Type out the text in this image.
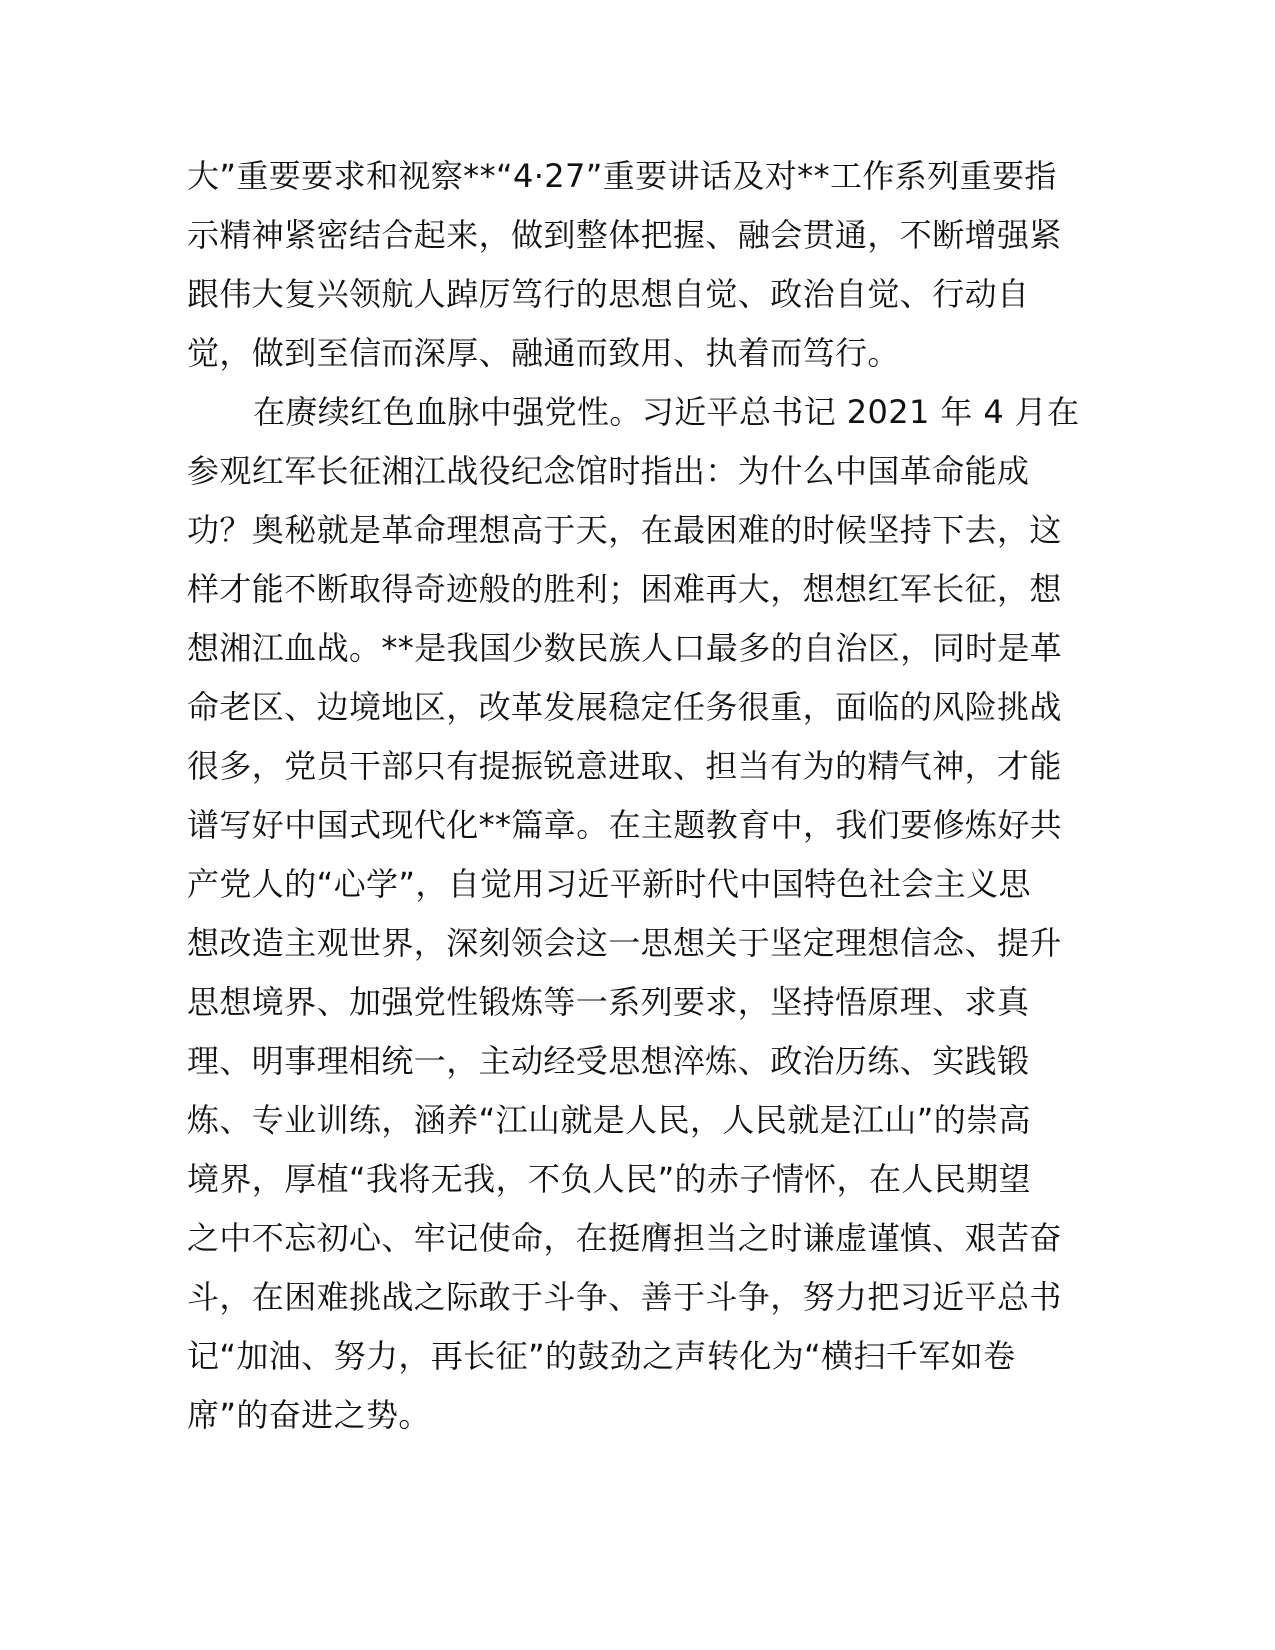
大”重要要求和视察**“4·27”重要讲话及对**工作系列重要指
示精神紧密结合起来，做到整体把握、融会贯通，不断增强紧
跟伟大复兴领航人踔厉笃行的思想自觉、政治自觉、行动自
觉，做到至信而深厚、融通而致用、执着而笃行。
在赓续红色血脉中强党性。习近平总书记 2021 年 4 月在
参观红军长征湘江战役纪念馆时指出：为什么中国革命能成
功？奥秘就是革命理想高于天，在最困难的时候坚持下去，这
样才能不断取得奇迹般的胜利；困难再大，想想红军长征，想
想湘江血战。**是我国少数民族人口最多的自治区，同时是革
命老区、边境地区，改革发展稳定任务很重，面临的风险挑战
很多，党员干部只有提振锐意进取、担当有为的精气神，才能
谱写好中国式现代化**篇章。在主题教育中，我们要修炼好共
产党人的“心学”，自觉用习近平新时代中国特色社会主义思
想改造主观世界，深刻领会这一思想关于坚定理想信念、提升
思想境界、加强党性锻炼等一系列要求，坚持悟原理、求真
理、明事理相统一，主动经受思想淬炼、政治历练、实践锻
炼、专业训练，涵养“江山就是人民，人民就是江山”的崇高
境界，厚植“我将无我，不负人民”的赤子情怀，在人民期望
之中不忘初心、牢记使命，在挺膺担当之时谦虚谨慎、艰苦奋
斗，在困难挑战之际敢于斗争、善于斗争，努力把习近平总书
记“加油、努力，再长征”的鼓劲之声转化为“横扫千军如卷
席”的奋进之势。
